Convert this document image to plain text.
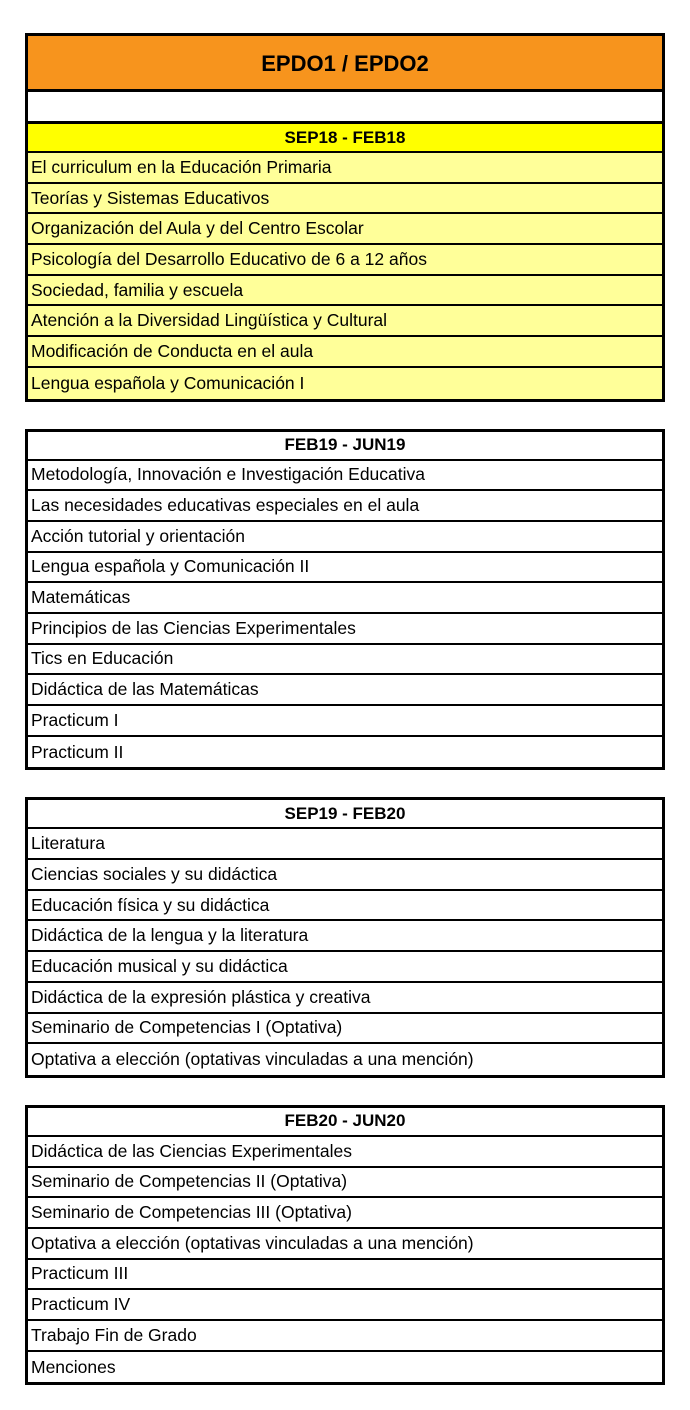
EPDO1 / EPDO2
SEP18 - FEB18
El curriculum en la Educación Primaria
Teorías y Sistemas Educativos
Organización del Aula y del Centro Escolar
Psicología del Desarrollo Educativo de 6 a 12 años
Sociedad, familia y escuela
Atención a la Diversidad Lingüística y Cultural
Modificación de Conducta en el aula
Lengua española y Comunicación I
FEB19 - JUN19
Metodología, Innovación e Investigación Educativa
Las necesidades educativas especiales en el aula
Acción tutorial y orientación
Lengua española y Comunicación II
Matemáticas
Principios de las Ciencias Experimentales
Tics en Educación
Didáctica de las Matemáticas
Practicum I
Practicum II
SEP19 - FEB20
Literatura
Ciencias sociales y su didáctica
Educación física y su didáctica
Didáctica de la lengua y la literatura
Educación musical y su didáctica
Didáctica de la expresión plástica y creativa
Seminario de Competencias I (Optativa)
Optativa a elección (optativas vinculadas a una mención)
FEB20 - JUN20
Didáctica de las Ciencias Experimentales
Seminario de Competencias II (Optativa)
Seminario de Competencias III (Optativa)
Optativa a elección (optativas vinculadas a una mención)
Practicum III
Practicum IV
Trabajo Fin de Grado
Menciones
